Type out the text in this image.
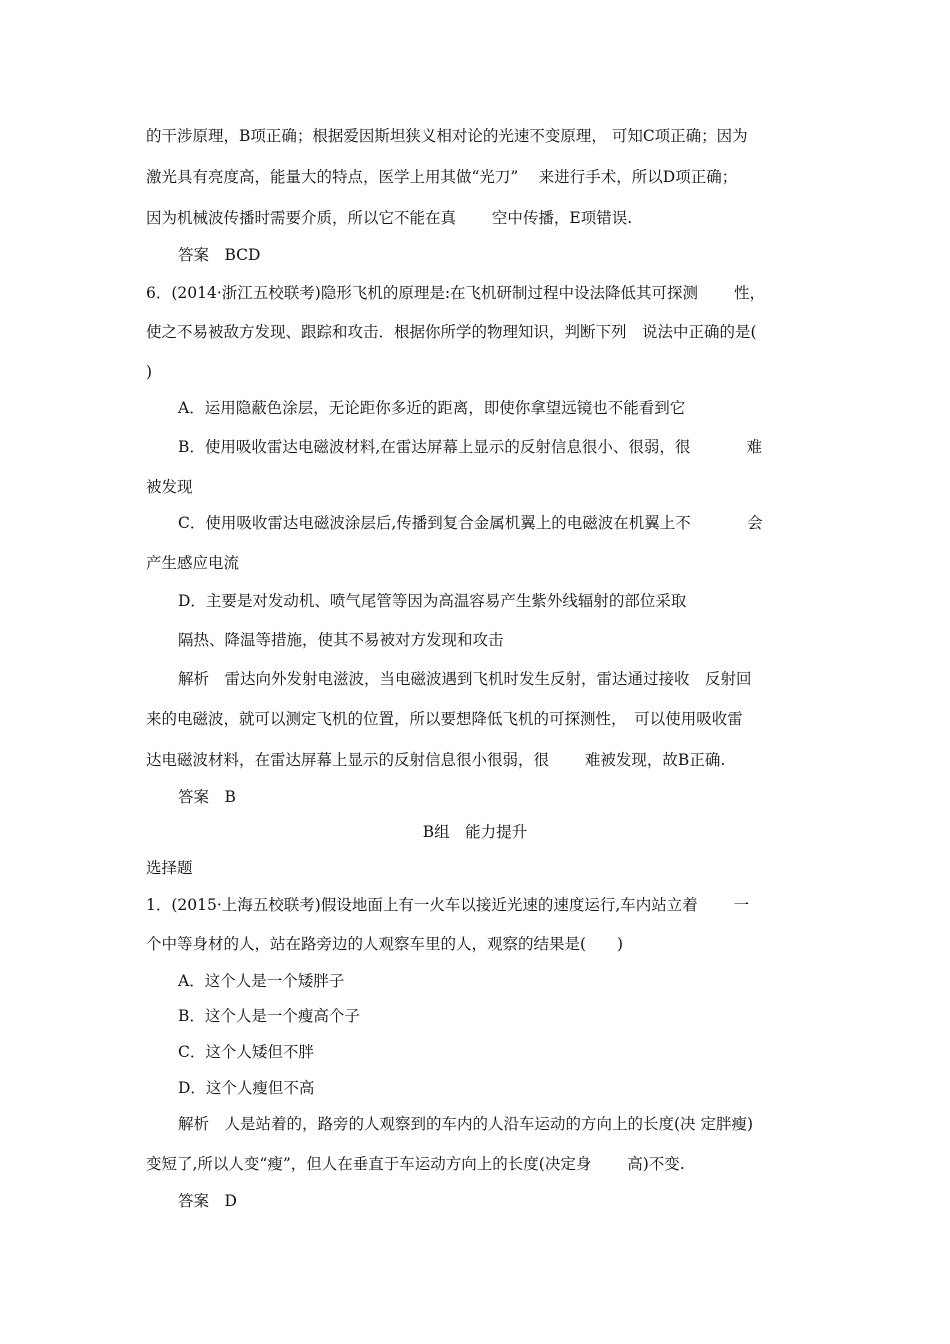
的干涉原理，B项正确；根据爱因斯坦狭义相对论的光速不变原理， 可知C项正确；因为
激光具有亮度高，能量大的特点，医学上用其做“光刀”　 来进行手术，所以D项正确；
因为机械波传播时需要介质，所以它不能在真　 　空中传播，E项错误.
答案　BCD
6．(2014·浙江五校联考)隐形飞机的原理是:在飞机研制过程中设法降低其可探测　 　性，
使之不易被敌方发现、跟踪和攻击．根据你所学的物理知识，判断下列　说法中正确的是(
)
A．运用隐蔽色涂层，无论距你多近的距离，即使你拿望远镜也不能看到它
B．使用吸收雷达电磁波材料,在雷达屏幕上显示的反射信息很小、很弱，很　 　 　难
被发现
C．使用吸收雷达电磁波涂层后,传播到复合金属机翼上的电磁波在机翼上不　 　 　会
产生感应电流
D．主要是对发动机、喷气尾管等因为高温容易产生紫外线辐射的部位采取
隔热、降温等措施，使其不易被对方发现和攻击
解析　雷达向外发射电滋波，当电磁波遇到飞机时发生反射，雷达通过接收　反射回
来的电磁波，就可以测定飞机的位置，所以要想降低飞机的可探测性，　可以使用吸收雷
达电磁波材料，在雷达屏幕上显示的反射信息很小很弱，很　 　难被发现，故B正确.
答案　B
B组　能力提升
选择题
1．(2015·上海五校联考)假设地面上有一火车以接近光速的速度运行,车内站立着　 　一
个中等身材的人，站在路旁边的人观察车里的人，观察的结果是(　　)
A．这个人是一个矮胖子
B．这个人是一个瘦高个子
C．这个人矮但不胖
D．这个人瘦但不高
解析　人是站着的，路旁的人观察到的车内的人沿车运动的方向上的长度(决 定胖瘦)
变短了,所以人变“瘦”，但人在垂直于车运动方向上的长度(决定身　 　高)不变.
答案　D
